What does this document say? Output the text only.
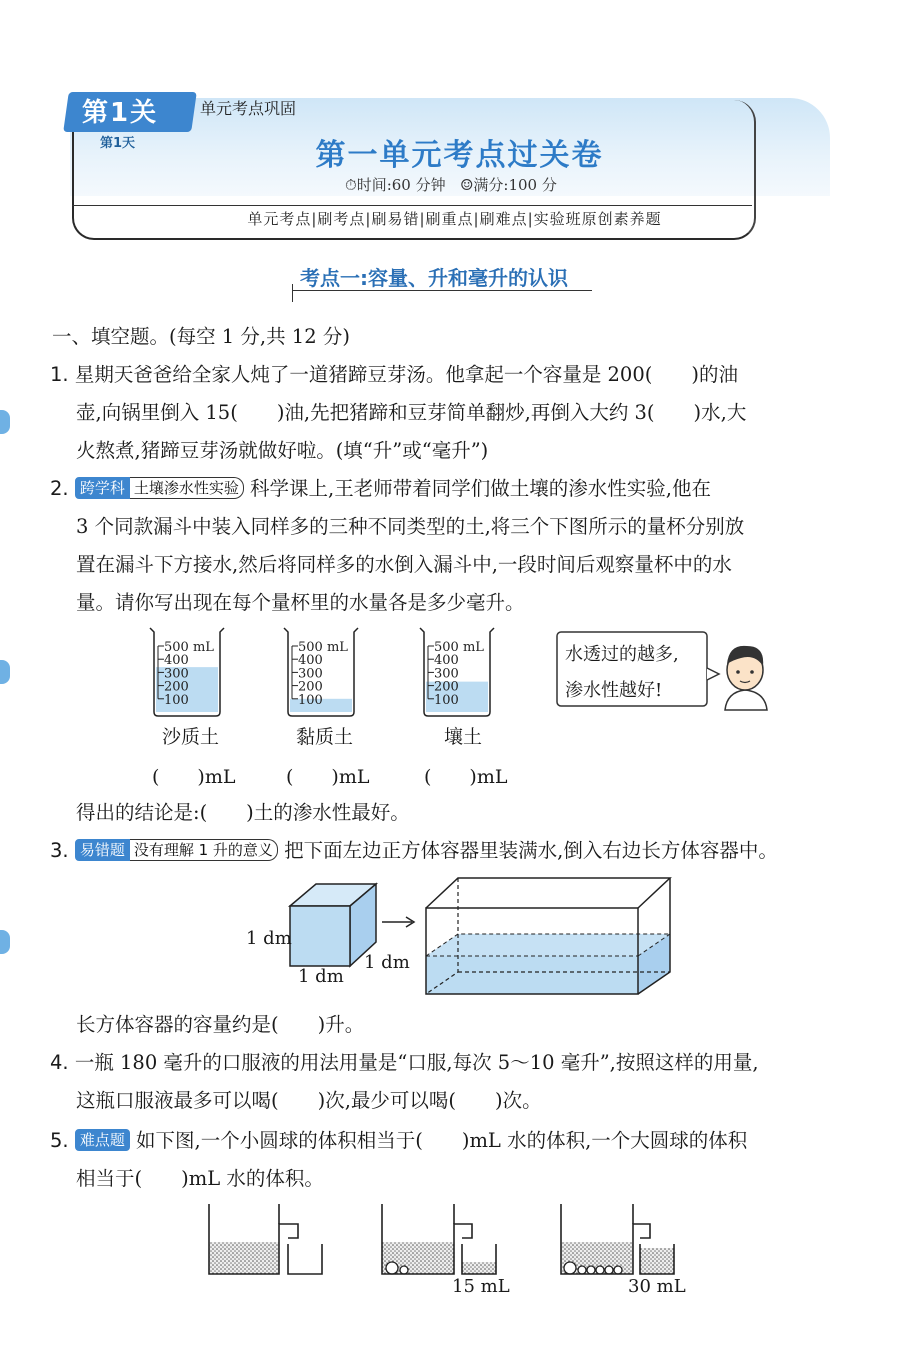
第1关
第1天
单元考点巩固
第一单元考点过关卷
⏱时间:60 分钟 ☺满分:100 分
单元考点|刷考点|刷易错|刷重点|刷难点|实验班原创素养题
考点一:容量、升和毫升的认识
一、填空题。(每空 1 分,共 12 分)
1. 星期天爸爸给全家人炖了一道猪蹄豆芽汤。他拿起一个容量是 200(　　)的油
壶,向锅里倒入 15(　　)油,先把猪蹄和豆芽简单翻炒,再倒入大约 3(　　)水,大
火熬煮,猪蹄豆芽汤就做好啦。(填“升”或“毫升”)
2. 跨学科 土壤渗水性实验 科学课上,王老师带着同学们做土壤的渗水性实验,他在
3 个同款漏斗中装入同样多的三种不同类型的土,将三个下图所示的量杯分别放
置在漏斗下方接水,然后将同样多的水倒入漏斗中,一段时间后观察量杯中的水
量。请你写出现在每个量杯里的水量各是多少毫升。
500 mL
400
300
200
100
500 mL
400
300
200
100
500 mL
400
300
200
100
沙质土	黏质土	壤土
(　　)mL	(　　)mL	(　　)mL
水透过的越多,
渗水性越好!
得出的结论是:(　　)土的渗水性最好。
3. 易错题 没有理解 1 升的意义 把下面左边正方体容器里装满水,倒入右边长方体容器中。
1 dm
1 dm
1 dm
长方体容器的容量约是(　　)升。
4. 一瓶 180 毫升的口服液的用法用量是“口服,每次 5～10 毫升”,按照这样的用量,
这瓶口服液最多可以喝(　　)次,最少可以喝(　　)次。
5. 难点题 如下图,一个小圆球的体积相当于(　　)mL 水的体积,一个大圆球的体积
相当于(　　)mL 水的体积。
15 mL	30 mL
